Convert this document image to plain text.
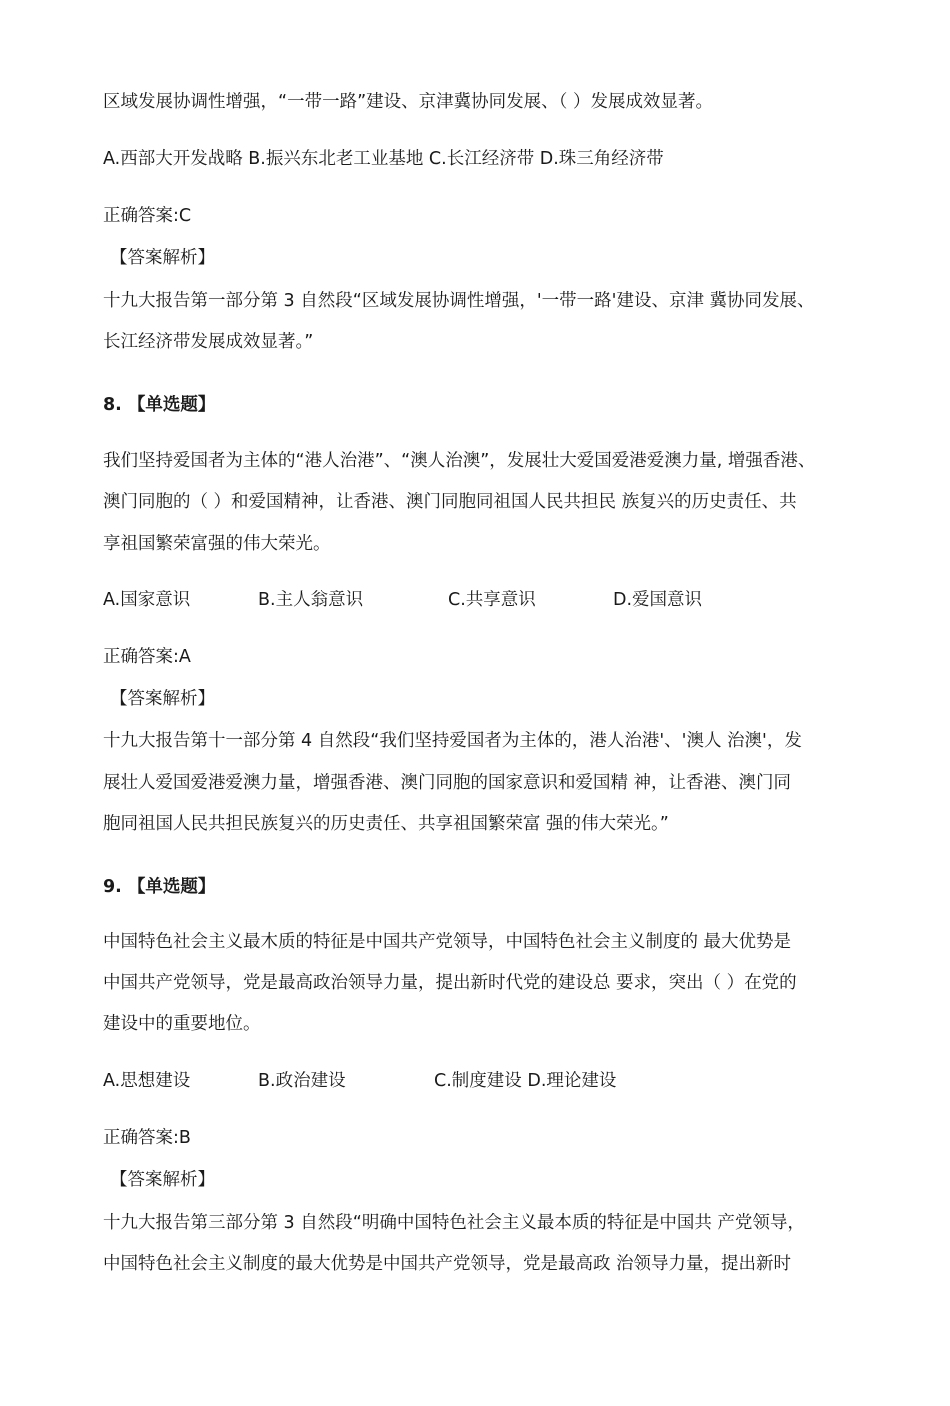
区域发展协调性增强，“一带一路”建设、京津冀协同发展、（ ）发展成效显著。
A.西部大开发战略 B.振兴东北老工业基地 C.长江经济带 D.珠三角经济带
正确答案:C
【答案解析】
十九大报告第一部分第 3 自然段“区域发展协调性增强，'一带一路'建设、京津 冀协同发展、
长江经济带发展成效显著。”
8. 【单选题】
我们坚持爱国者为主体的“港人治港”、“澳人治澳”，发展壮大爱国爱港爱澳力量, 增强香港、
澳门同胞的（ ）和爱国精神，让香港、澳门同胞同祖国人民共担民 族复兴的历史责任、共
享祖国繁荣富强的伟大荣光。
A.国家意识	B.主人翁意识	C.共享意识	D.爱国意识
正确答案:A
【答案解析】
十九大报告第十一部分第 4 自然段“我们坚持爱国者为主体的，港人治港'、'澳人 治澳'，发
展壮人爱国爱港爱澳力量，增强香港、澳门同胞的国家意识和爱国精 神，让香港、澳门同
胞同祖国人民共担民族复兴的历史责任、共享祖国繁荣富 强的伟大荣光。”
9. 【单选题】
中国特色社会主义最木质的特征是中国共产党领导，中国特色社会主义制度的 最大优势是
中国共产党领导，党是最高政治领导力量，提出新时代党的建设总 要求，突出（ ）在党的
建设中的重要地位。
A.思想建设	B.政治建设	C.制度建设 D.理论建设
正确答案:B
【答案解析】
十九大报告第三部分第 3 自然段“明确中国特色社会主义最本质的特征是中国共 产党领导，
中国特色社会主义制度的最大优势是中国共产党领导，党是最高政 治领导力量，提出新时
